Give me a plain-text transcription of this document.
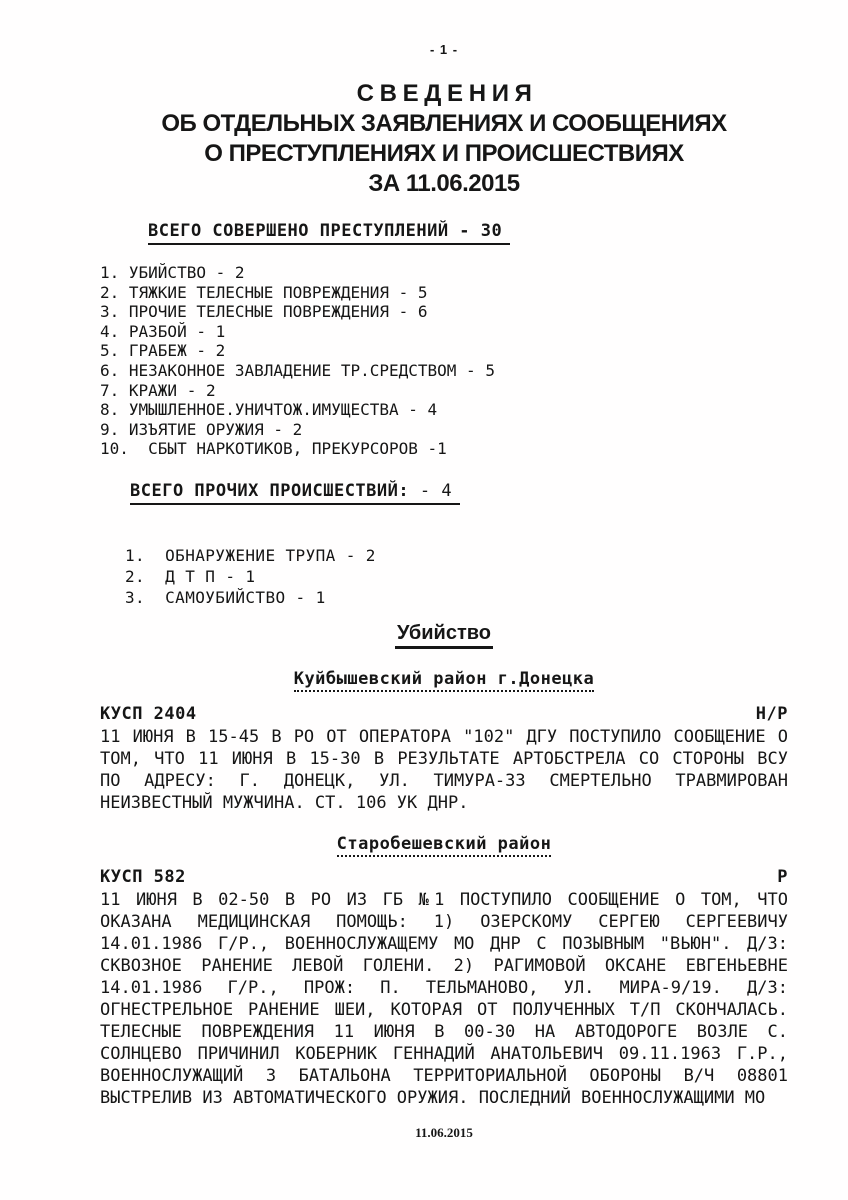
- 1 -
С В Е Д Е Н И Я
ОБ ОТДЕЛЬНЫХ ЗАЯВЛЕНИЯХ И СООБЩЕНИЯХ
О ПРЕСТУПЛЕНИЯХ И ПРОИСШЕСТВИЯХ
ЗА 11.06.2015
ВСЕГО СОВЕРШЕНО ПРЕСТУПЛЕНИЙ - 30
1. УБИЙСТВО - 2
2. ТЯЖКИЕ ТЕЛЕСНЫЕ ПОВРЕЖДЕНИЯ - 5
3. ПРОЧИЕ ТЕЛЕСНЫЕ ПОВРЕЖДЕНИЯ - 6
4. РАЗБОЙ - 1
5. ГРАБЕЖ - 2
6. НЕЗАКОННОЕ ЗАВЛАДЕНИЕ ТР.СРЕДСТВОМ - 5
7. КРАЖИ - 2
8. УМЫШЛЕННОЕ.УНИЧТОЖ.ИМУЩЕСТВА - 4
9. ИЗЪЯТИЕ ОРУЖИЯ - 2
10.  СБЫТ НАРКОТИКОВ, ПРЕКУРСОРОВ -1
ВСЕГО ПРОЧИХ ПРОИСШЕСТВИЙ: - 4
1.  ОБНАРУЖЕНИЕ ТРУПА - 2
2.  Д Т П - 1
3.  САМОУБИЙСТВО - 1
Убийство
Куйбышевский район г.Донецка
КУСП 2404	Н/Р
11 ИЮНЯ В 15-45 В РО ОТ ОПЕРАТОРА "102" ДГУ ПОСТУПИЛО СООБЩЕНИЕ О
ТОМ, ЧТО 11 ИЮНЯ В 15-30 В РЕЗУЛЬТАТЕ АРТОБСТРЕЛА СО СТОРОНЫ ВСУ
ПО АДРЕСУ: Г. ДОНЕЦК, УЛ. ТИМУРА-33 СМЕРТЕЛЬНО ТРАВМИРОВАН
НЕИЗВЕСТНЫЙ МУЖЧИНА. СТ. 106 УК ДНР.
Старобешевский район
КУСП 582	Р
11 ИЮНЯ В 02-50 В РО ИЗ ГБ №1 ПОСТУПИЛО СООБЩЕНИЕ О ТОМ, ЧТО
ОКАЗАНА МЕДИЦИНСКАЯ ПОМОЩЬ: 1) ОЗЕРСКОМУ СЕРГЕЮ СЕРГЕЕВИЧУ
14.01.1986 Г/Р., ВОЕННОСЛУЖАЩЕМУ МО ДНР С ПОЗЫВНЫМ "ВЬЮН". Д/З:
СКВОЗНОЕ РАНЕНИЕ ЛЕВОЙ ГОЛЕНИ. 2) РАГИМОВОЙ ОКСАНЕ ЕВГЕНЬЕВНЕ
14.01.1986 Г/Р., ПРОЖ: П. ТЕЛЬМАНОВО, УЛ. МИРА-9/19. Д/З:
ОГНЕСТРЕЛЬНОЕ РАНЕНИЕ ШЕИ, КОТОРАЯ ОТ ПОЛУЧЕННЫХ Т/П СКОНЧАЛАСЬ.
ТЕЛЕСНЫЕ ПОВРЕЖДЕНИЯ 11 ИЮНЯ В 00-30 НА АВТОДОРОГЕ ВОЗЛЕ С.
СОЛНЦЕВО ПРИЧИНИЛ КОБЕРНИК ГЕННАДИЙ АНАТОЛЬЕВИЧ 09.11.1963 Г.Р.,
ВОЕННОСЛУЖАЩИЙ 3 БАТАЛЬОНА ТЕРРИТОРИАЛЬНОЙ ОБОРОНЫ В/Ч 08801
ВЫСТРЕЛИВ ИЗ АВТОМАТИЧЕСКОГО ОРУЖИЯ. ПОСЛЕДНИЙ ВОЕННОСЛУЖАЩИМИ МО
11.06.2015
